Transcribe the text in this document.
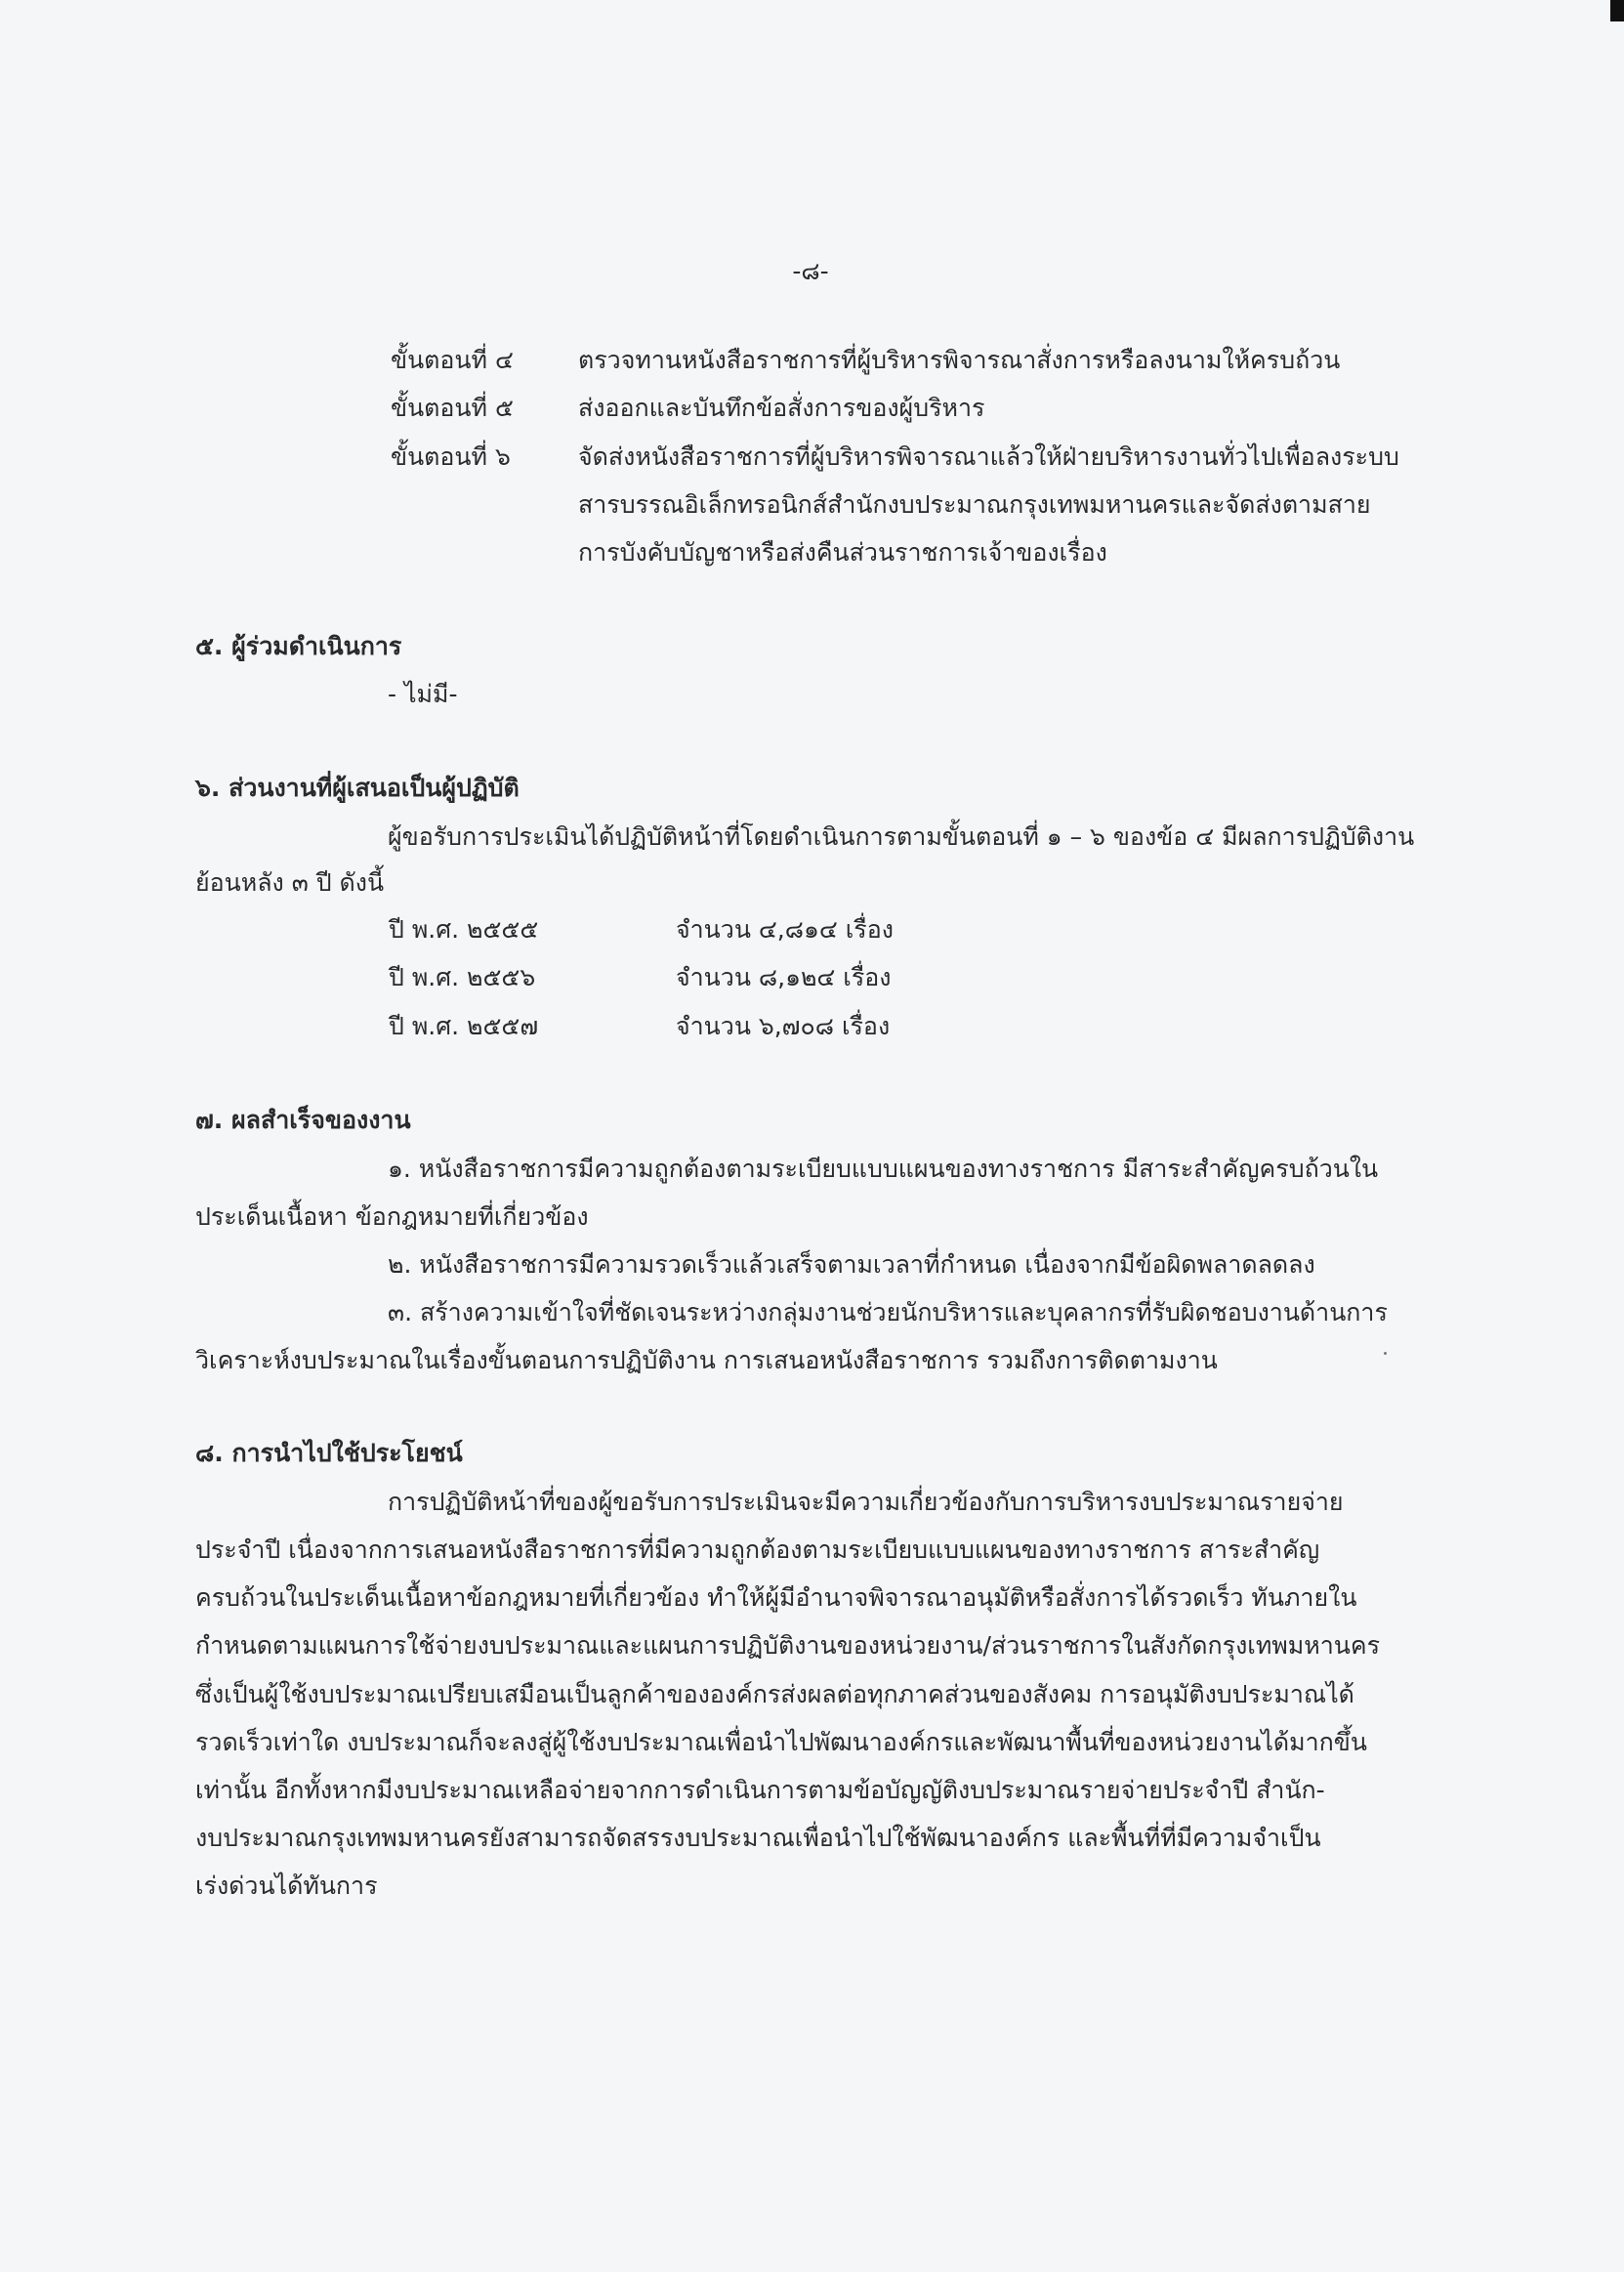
-๘-
ขั้นตอนที่ ๔	ตรวจทานหนังสือราชการที่ผู้บริหารพิจารณาสั่งการหรือลงนามให้ครบถ้วน
ขั้นตอนที่ ๕	ส่งออกและบันทึกข้อสั่งการของผู้บริหาร
ขั้นตอนที่ ๖	จัดส่งหนังสือราชการที่ผู้บริหารพิจารณาแล้วให้ฝ่ายบริหารงานทั่วไปเพื่อลงระบบ
สารบรรณอิเล็กทรอนิกส์สำนักงบประมาณกรุงเทพมหานครและจัดส่งตามสาย
การบังคับบัญชาหรือส่งคืนส่วนราชการเจ้าของเรื่อง
๕. ผู้ร่วมดำเนินการ
- ไม่มี-
๖. ส่วนงานที่ผู้เสนอเป็นผู้ปฏิบัติ
ผู้ขอรับการประเมินได้ปฏิบัติหน้าที่โดยดำเนินการตามขั้นตอนที่ ๑ – ๖ ของข้อ ๔ มีผลการปฏิบัติงาน
ย้อนหลัง ๓ ปี ดังนี้
ปี พ.ศ. ๒๕๕๕	จำนวน ๔,๘๑๔ เรื่อง
ปี พ.ศ. ๒๕๕๖	จำนวน ๘,๑๒๔ เรื่อง
ปี พ.ศ. ๒๕๕๗	จำนวน ๖,๗๐๘ เรื่อง
๗. ผลสำเร็จของงาน
๑. หนังสือราชการมีความถูกต้องตามระเบียบแบบแผนของทางราชการ มีสาระสำคัญครบถ้วนใน
ประเด็นเนื้อหา ข้อกฎหมายที่เกี่ยวข้อง
๒. หนังสือราชการมีความรวดเร็วแล้วเสร็จตามเวลาที่กำหนด เนื่องจากมีข้อผิดพลาดลดลง
๓. สร้างความเข้าใจที่ชัดเจนระหว่างกลุ่มงานช่วยนักบริหารและบุคลากรที่รับผิดชอบงานด้านการ
วิเคราะห์งบประมาณในเรื่องขั้นตอนการปฏิบัติงาน การเสนอหนังสือราชการ รวมถึงการติดตามงาน
๘. การนำไปใช้ประโยชน์
การปฏิบัติหน้าที่ของผู้ขอรับการประเมินจะมีความเกี่ยวข้องกับการบริหารงบประมาณรายจ่าย
ประจำปี เนื่องจากการเสนอหนังสือราชการที่มีความถูกต้องตามระเบียบแบบแผนของทางราชการ สาระสำคัญ
ครบถ้วนในประเด็นเนื้อหาข้อกฎหมายที่เกี่ยวข้อง ทำให้ผู้มีอำนาจพิจารณาอนุมัติหรือสั่งการได้รวดเร็ว ทันภายใน
กำหนดตามแผนการใช้จ่ายงบประมาณและแผนการปฏิบัติงานของหน่วยงาน/ส่วนราชการในสังกัดกรุงเทพมหานคร
ซึ่งเป็นผู้ใช้งบประมาณเปรียบเสมือนเป็นลูกค้าขององค์กรส่งผลต่อทุกภาคส่วนของสังคม การอนุมัติงบประมาณได้
รวดเร็วเท่าใด งบประมาณก็จะลงสู่ผู้ใช้งบประมาณเพื่อนำไปพัฒนาองค์กรและพัฒนาพื้นที่ของหน่วยงานได้มากขึ้น
เท่านั้น อีกทั้งหากมีงบประมาณเหลือจ่ายจากการดำเนินการตามข้อบัญญัติงบประมาณรายจ่ายประจำปี สำนัก-
งบประมาณกรุงเทพมหานครยังสามารถจัดสรรงบประมาณเพื่อนำไปใช้พัฒนาองค์กร และพื้นที่ที่มีความจำเป็น
เร่งด่วนได้ทันการ
